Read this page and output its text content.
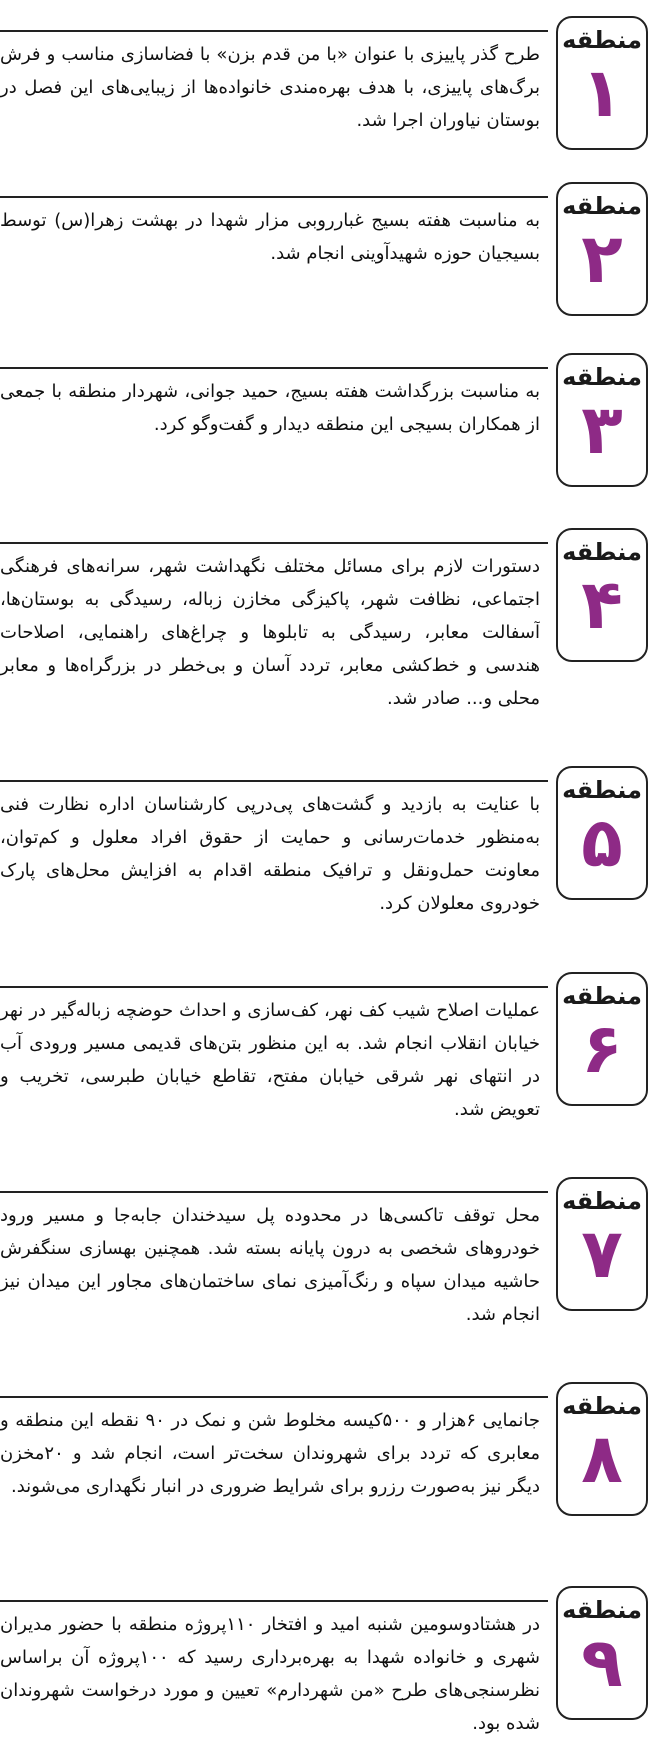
منطقه
۱

طرح گذر پاییزی با عنوان «با من قدم بزن» با فضاسازی مناسب و فرش برگ‌های پاییزی، با هدف بهره‌مندی خانواده‌ها از زیبایی‌های این فصل در بوستان نیاوران اجرا شد.

منطقه
۲

به مناسبت هفته بسیج غبارروبی مزار شهدا در بهشت زهرا(س) توسط بسیجیان حوزه شهیدآوینی انجام شد.

منطقه
۳

به مناسبت بزرگداشت هفته بسیج، حمید جوانی، شهردار منطقه با جمعی از همکاران بسیجی این منطقه دیدار و گفت‌وگو کرد.

منطقه
۴

دستورات لازم برای مسائل مختلف نگهداشت شهر، سرانه‌های فرهنگی اجتماعی، نظافت شهر، پاکیزگی مخازن زباله، رسیدگی به بوستان‌ها، آسفالت معابر، رسیدگی به تابلوها و چراغ‌های راهنمایی، اصلاحات هندسی و خط‌کشی معابر، تردد آسان و بی‌خطر در بزرگراه‌ها و معابر محلی و... صادر شد.

منطقه
۵

با عنایت به بازدید و گشت‌های پی‌درپی کارشناسان اداره نظارت فنی به‌منظور خدمات‌رسانی و حمایت از حقوق افراد معلول و کم‌توان، معاونت حمل‌ونقل و ترافیک منطقه اقدام به افزایش محل‌های پارک خودروی معلولان کرد.

منطقه
۶

عملیات اصلاح شیب کف نهر، کف‌سازی و احداث حوضچه زباله‌گیر در نهر خیابان انقلاب انجام شد. به این منظور بتن‌های قدیمی مسیر ورودی آب در انتهای نهر شرقی خیابان مفتح، تقاطع خیابان طبرسی، تخریب و تعویض شد.

منطقه
۷

محل توقف تاکسی‌ها در محدوده پل سیدخندان جابه‌جا و مسیر ورود خودروهای شخصی به درون پایانه بسته شد. همچنین بهسازی سنگفرش حاشیه میدان سپاه و رنگ‌آمیزی نمای ساختمان‌های مجاور این میدان نیز انجام شد.

منطقه
۸

جانمایی ۶هزار و ۵۰۰کیسه مخلوط شن و نمک در ۹۰ نقطه این منطقه و معابری که تردد برای شهروندان سخت‌تر است، انجام شد و ۲۰مخزن دیگر نیز به‌صورت رزرو برای شرایط ضروری در انبار نگهداری می‌شوند.

منطقه
۹

در هشتادوسومین شنبه امید و افتخار ۱۱۰پروژه منطقه با حضور مدیران شهری و خانواده شهدا به بهره‌برداری رسید که ۱۰۰پروژه آن براساس نظرسنجی‌های طرح «من شهردارم» تعیین و مورد درخواست شهروندان شده بود.
